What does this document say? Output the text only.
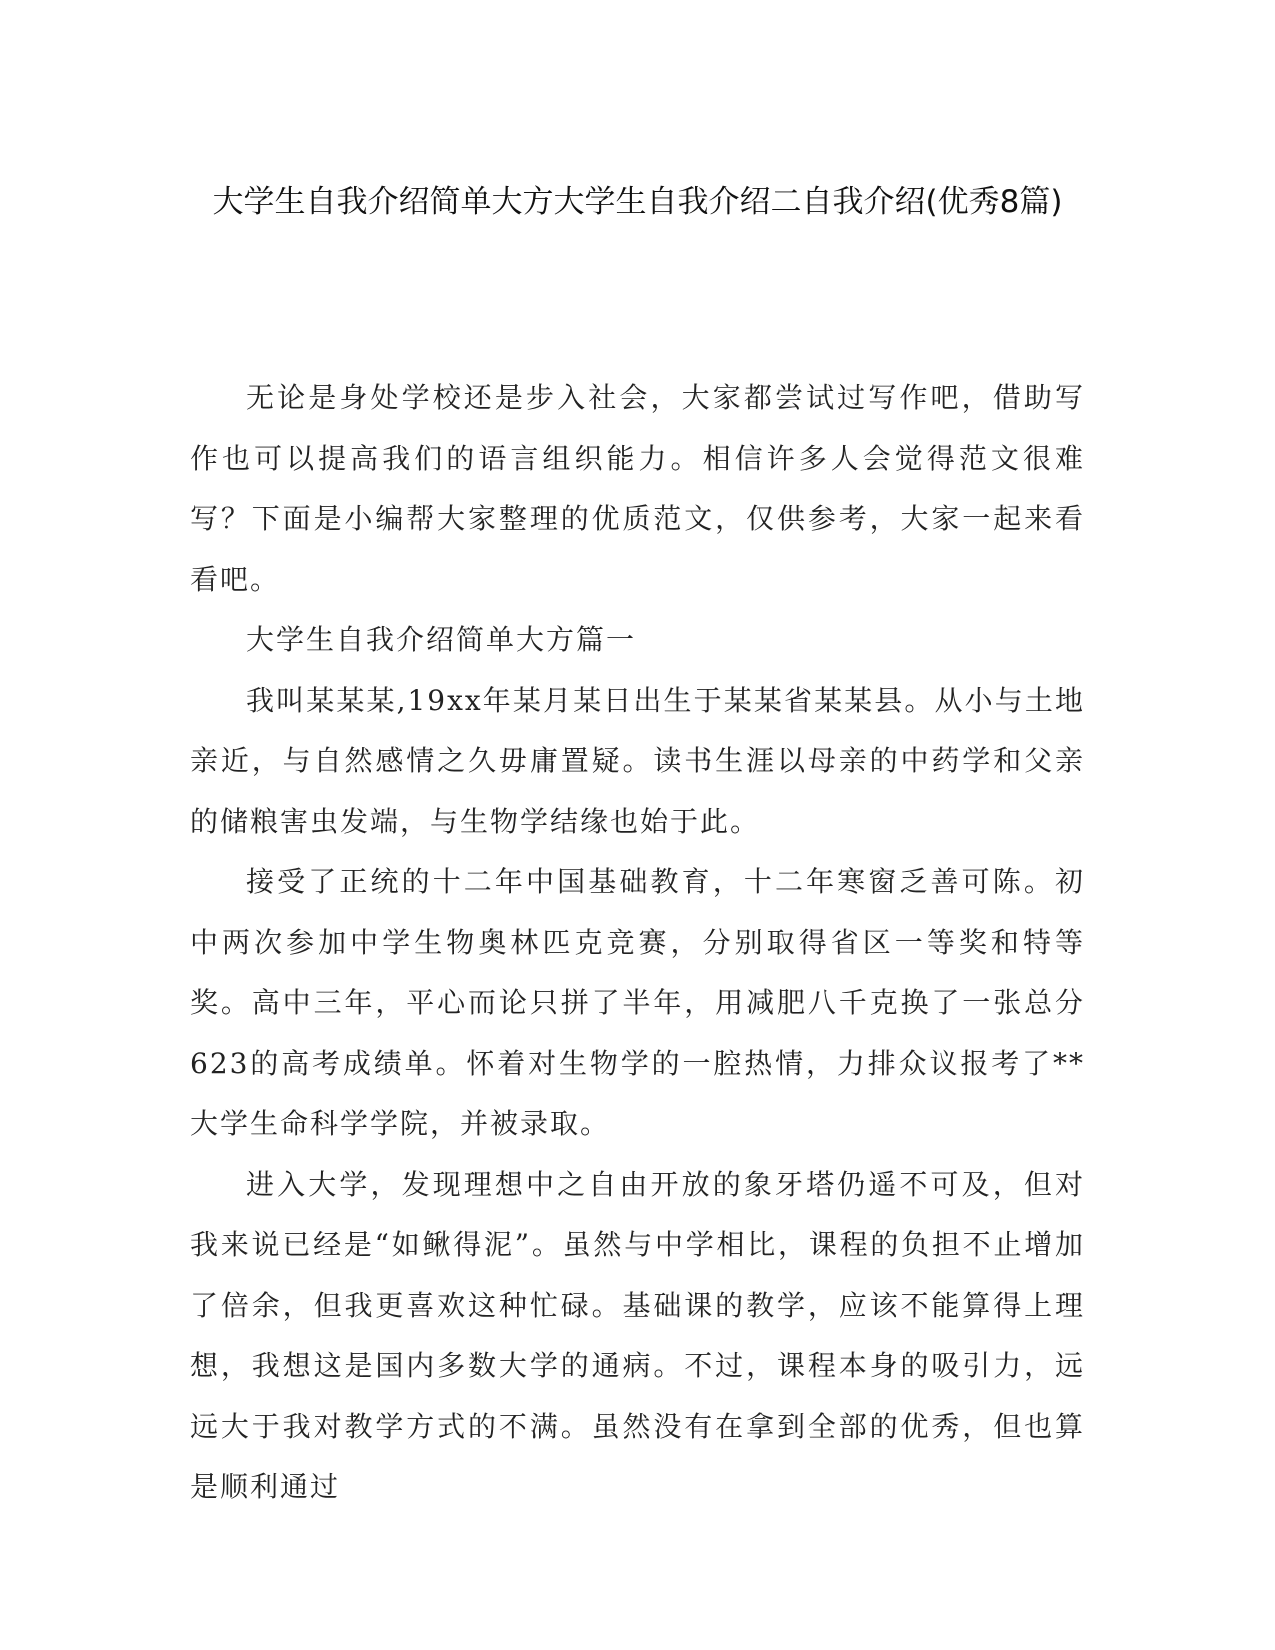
大学生自我介绍简单大方大学生自我介绍二自我介绍(优秀8篇)

无论是身处学校还是步入社会，大家都尝试过写作吧，借助写作也可以提高我们的语言组织能力。相信许多人会觉得范文很难写？下面是小编帮大家整理的优质范文，仅供参考，大家一起来看看吧。

大学生自我介绍简单大方篇一

我叫某某某,19xx年某月某日出生于某某省某某县。从小与土地亲近，与自然感情之久毋庸置疑。读书生涯以母亲的中药学和父亲的储粮害虫发端，与生物学结缘也始于此。

接受了正统的十二年中国基础教育，十二年寒窗乏善可陈。初中两次参加中学生物奥林匹克竞赛，分别取得省区一等奖和特等奖。高中三年，平心而论只拼了半年，用减肥八千克换了一张总分623的高考成绩单。怀着对生物学的一腔热情，力排众议报考了**大学生命科学学院，并被录取。

进入大学，发现理想中之自由开放的象牙塔仍遥不可及，但对我来说已经是“如鳅得泥”。虽然与中学相比，课程的负担不止增加了倍余，但我更喜欢这种忙碌。基础课的教学，应该不能算得上理想，我想这是国内多数大学的通病。不过，课程本身的吸引力，远远大于我对教学方式的不满。虽然没有在拿到全部的优秀，但也算是顺利通过
